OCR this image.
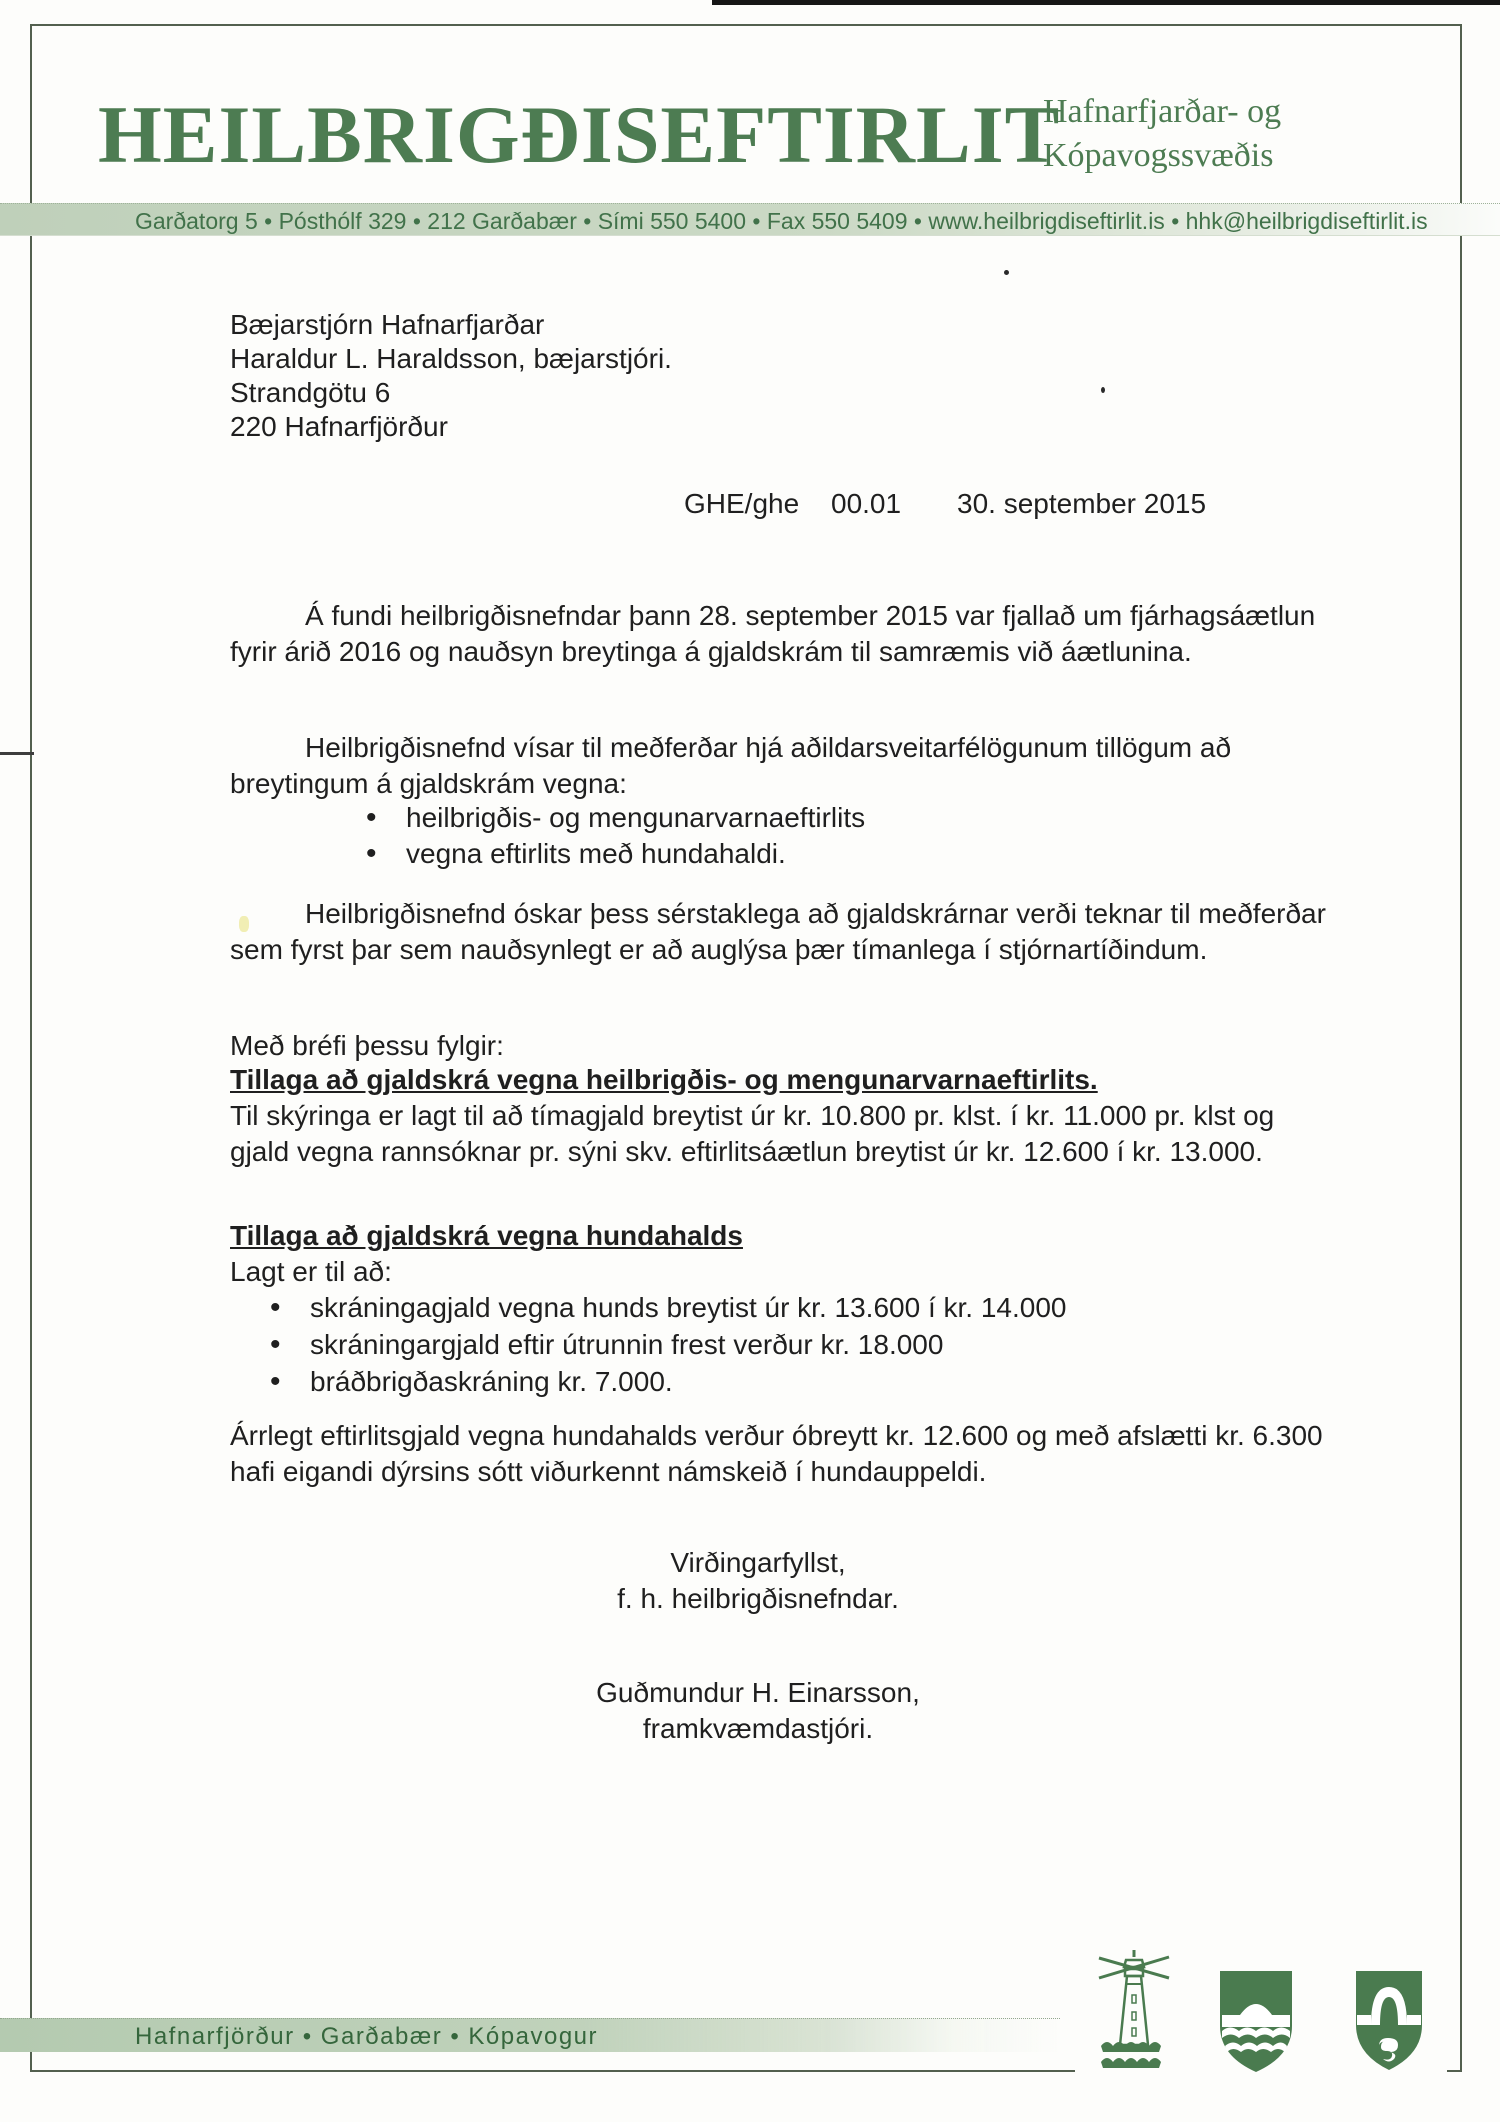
HEILBRIGÐISEFTIRLIT
Hafnarfjarðar- og
Kópavogssvæðis
Garðatorg 5 • Pósthólf 329 • 212 Garðabær • Sími 550 5400 • Fax 550 5409 • www.heilbrigdiseftirlit.is • hhk@heilbrigdiseftirlit.is
Bæjarstjórn Hafnarfjarðar
Haraldur L. Haraldsson, bæjarstjóri.
Strandgötu 6
220 Hafnarfjörður
GHE/ghe 00.01 30. september 2015
Á fundi heilbrigðisnefndar þann 28. september 2015 var fjallað um fjárhagsáætlun fyrir árið 2016 og nauðsyn breytinga á gjaldskrám til samræmis við áætlunina.
Heilbrigðisnefnd vísar til meðferðar hjá aðildarsveitarfélögunum tillögum að breytingum á gjaldskrám vegna:
• heilbrigðis- og mengunarvarnaeftirlits
• vegna eftirlits með hundahaldi.
Heilbrigðisnefnd óskar þess sérstaklega að gjaldskrárnar verði teknar til meðferðar sem fyrst þar sem nauðsynlegt er að auglýsa þær tímanlega í stjórnartíðindum.
Með bréfi þessu fylgir:
Tillaga að gjaldskrá vegna heilbrigðis- og mengunarvarnaeftirlits.
Til skýringa er lagt til að tímagjald breytist úr kr. 10.800 pr. klst. í kr. 11.000 pr. klst og gjald vegna rannsóknar pr. sýni skv. eftirlitsáætlun breytist úr kr. 12.600 í kr. 13.000.
Tillaga að gjaldskrá vegna hundahalds
Lagt er til að:
• skráningagjald vegna hunds breytist úr kr. 13.600 í kr. 14.000
• skráningargjald eftir útrunnin frest verður kr. 18.000
• bráðbrigðaskráning kr. 7.000.
Árrlegt eftirlitsgjald vegna hundahalds verður óbreytt kr. 12.600 og með afslætti kr. 6.300 hafi eigandi dýrsins sótt viðurkennt námskeið í hundauppeldi.
Virðingarfyllst,
f. h. heilbrigðisnefndar.
Guðmundur H. Einarsson,
framkvæmdastjóri.
Hafnarfjörður • Garðabær • Kópavogur
